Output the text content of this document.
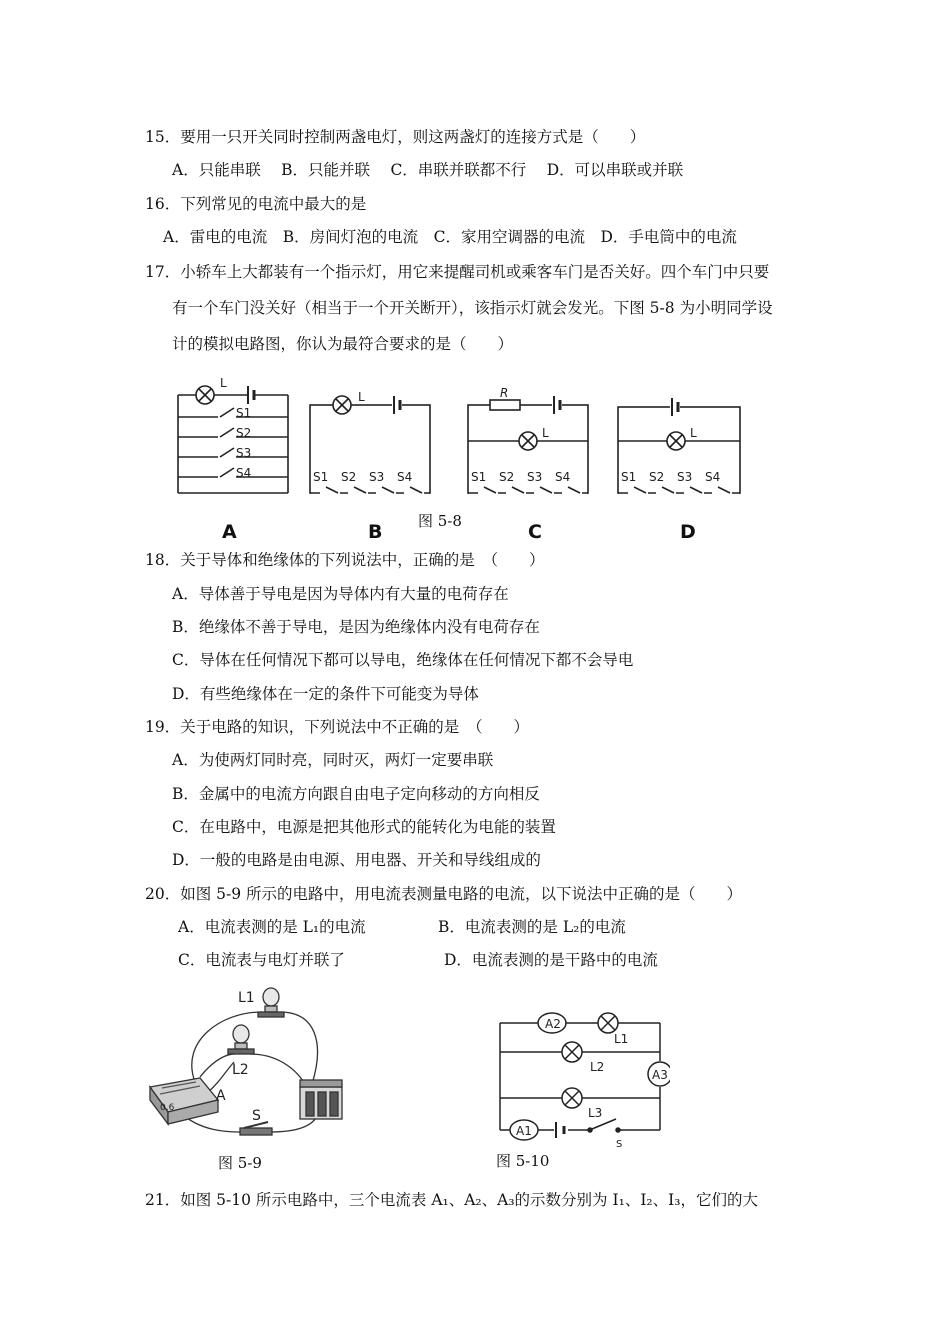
15．要用一只开关同时控制两盏电灯，则这两盏灯的连接方式是（　　）
A．只能串联　 B．只能并联　 C．串联并联都不行　 D．可以串联或并联
16．下列常见的电流中最大的是
A．雷电的电流　B．房间灯泡的电流　C．家用空调器的电流　D．手电筒中的电流
17．小轿车上大都装有一个指示灯，用它来提醒司机或乘客车门是否关好。四个车门中只要
有一个车门没关好（相当于一个开关断开），该指示灯就会发光。下图 5-8 为小明同学设
计的模拟电路图，你认为最符合要求的是（　　）
L
S1
S2
S3
S4
L
S1 S2 S3 S4
R
L
S1 S2 S3 S4
L
S1 S2 S3 S4
A	B	C	D
图 5-8
18．关于导体和绝缘体的下列说法中，正确的是　（　　）
A．导体善于导电是因为导体内有大量的电荷存在
B．绝缘体不善于导电，是因为绝缘体内没有电荷存在
C．导体在任何情况下都可以导电，绝缘体在任何情况下都不会导电
D．有些绝缘体在一定的条件下可能变为导体
19．关于电路的知识，下列说法中不正确的是　（　　）
A．为使两灯同时亮，同时灭，两灯一定要串联
B．金属中的电流方向跟自由电子定向移动的方向相反
C．在电路中，电源是把其他形式的能转化为电能的装置
D．一般的电路是由电源、用电器、开关和导线组成的
20．如图 5-9 所示的电路中，用电流表测量电路的电流，以下说法中正确的是（　　）
A．电流表测的是 L₁的电流	B．电流表测的是 L₂的电流
C．电流表与电灯并联了	D．电流表测的是干路中的电流
L1
L2
A
S
0.6
图 5-9
A2
L1
L2
A3
L3
A1
S
图 5-10
21．如图 5-10 所示电路中，三个电流表 A₁、A₂、A₃的示数分别为 I₁、I₂、I₃，它们的大
